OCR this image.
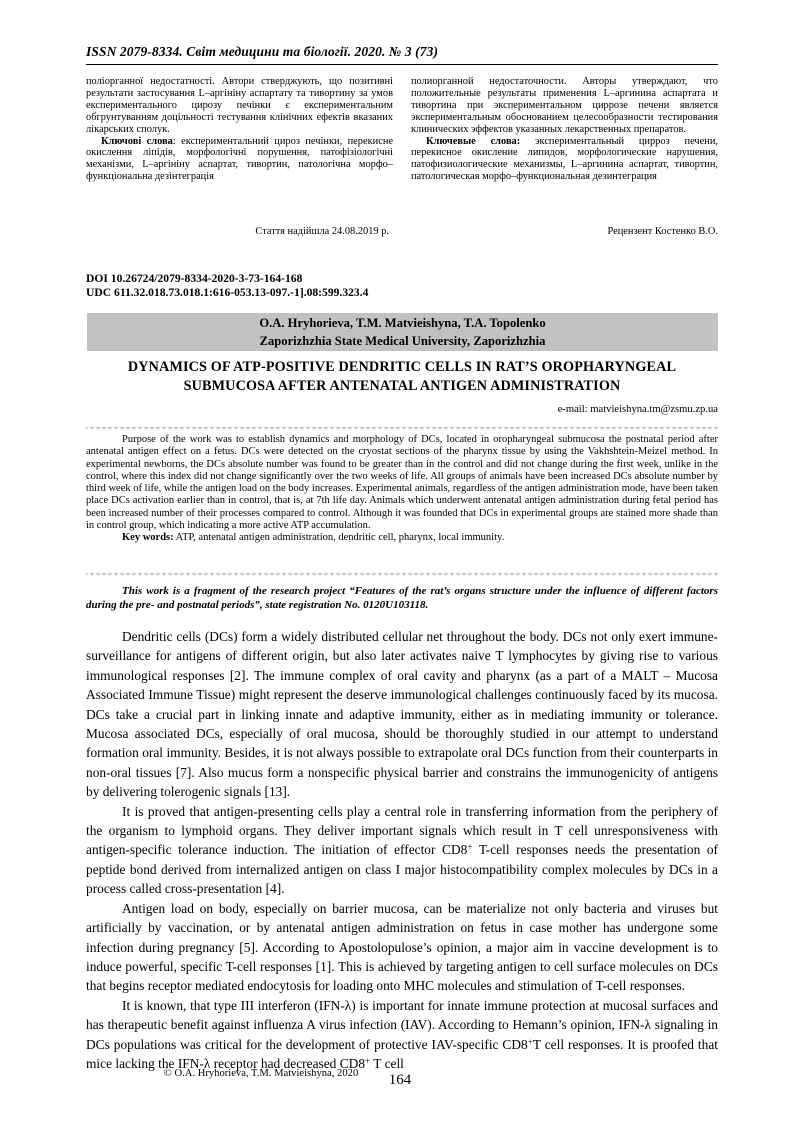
ISSN 2079-8334. Світ медицини та біології. 2020. № 3 (73)

поліорганної недостатності. Автори стверджують, що позитивні результати застосування L–аргініну аспартату та тивортину за умов експериментального цирозу печінки є експериментальним обгрунтуванням доцільності тестування клінічних ефектів вказаних лікарських сполук.

Ключові слова: експериментальний цироз печінки, перекисне окислення ліпідів, морфологічні порушення, патофізіологічні механізми, L–аргініну аспартат, тивортин, патологічна морфо–функціональна дезінтеграція

полиорганной недостаточности. Авторы утверждают, что положительные результаты применения L–аргинина аспартата и тивортина при экспериментальном циррозе печени является экспериментальным обоснованием целесообразности тестирования клинических эффектов указанных лекарственных препаратов.

Ключевые слова: экспериментальный цирроз печени, перекисное окисление липидов, морфологические нарушения, патофизиологические механизмы, L–аргинина аспартат, тивортин, патологическая морфо–функциональная дезинтеграция

Стаття надійшла 24.08.2019 р.	Рецензент Костенко В.О.
DOI 10.26724/2079-8334-2020-3-73-164-168
UDC 611.32.018.73.018.1:616-053.13-097.-1].08:599.323.4
O.A. Hryhorieva, T.M. Matvieishyna, T.A. Topolenko
Zaporizhzhia State Medical University, Zaporizhzhia
DYNAMICS OF ATP-POSITIVE DENDRITIC CELLS IN RAT’S OROPHARYNGEAL SUBMUCOSA AFTER ANTENATAL ANTIGEN ADMINISTRATION
e-mail: matvieishyna.tm@zsmu.zp.ua

Purpose of the work was to establish dynamics and morphology of DCs, located in oropharyngeal submucosa the postnatal period after antenatal antigen effect on a fetus. DCs were detected on the cryostat sections of the pharynx tissue by using the Vakhshtein-Meizel method. In experimental newborns, the DCs absolute number was found to be greater than in the control and did not change during the first week, unlike in the control, where this index did not change significantly over the two weeks of life. All groups of animals have been increased DCs absolute number by third week of life, while the antigen load on the body increases. Experimental animals, regardless of the antigen administration mode, have been taken place DCs activation earlier than in control, that is, at 7th life day. Animals which underwent antenatal antigen administration during fetal period has been increased number of their processes compared to control. Although it was founded that DCs in experimental groups are stained more shade than in control group, which indicating a more active ATP accumulation.

Key words: ATP, antenatal antigen administration, dendritic cell, pharynx, local immunity.

This work is a fragment of the research project “Features of the rat’s organs structure under the influence of different factors during the pre- and postnatal periods”, state registration No. 0120U103118.

Dendritic cells (DCs) form a widely distributed cellular net throughout the body. DCs not only exert immune-surveillance for antigens of different origin, but also later activates naive T lymphocytes by giving rise to various immunological responses [2]. The immune complex of oral cavity and pharynx (as a part of a MALT – Mucosa Associated Immune Tissue) might represent the deserve immunological challenges continuously faced by its mucosa. DCs take a crucial part in linking innate and adaptive immunity, either as in mediating immunity or tolerance. Mucosa associated DCs, especially of oral mucosa, should be thoroughly studied in our attempt to understand formation oral immunity. Besides, it is not always possible to extrapolate oral DCs function from their counterparts in non-oral tissues [7]. Also mucus form a nonspecific physical barrier and constrains the immunogenicity of antigens by delivering tolerogenic signals [13].

It is proved that antigen-presenting cells play a central role in transferring information from the periphery of the organism to lymphoid organs. They deliver important signals which result in T cell unresponsiveness with antigen-specific tolerance induction. The initiation of effector CD8+ T-cell responses needs the presentation of peptide bond derived from internalized antigen on class I major histocompatibility complex molecules by DCs in a process called cross-presentation [4].

Antigen load on body, especially on barrier mucosa, can be materialize not only bacteria and viruses but artificially by vaccination, or by antenatal antigen administration on fetus in case mother has undergone some infection during pregnancy [5]. According to Apostolopulose’s opinion, a major aim in vaccine development is to induce powerful, specific T-cell responses [1]. This is achieved by targeting antigen to cell surface molecules on DCs that begins receptor mediated endocytosis for loading onto MHC molecules and stimulation of T-cell responses.

It is known, that type III interferon (IFN-λ) is important for innate immune protection at mucosal surfaces and has therapeutic benefit against influenza A virus infection (IAV). According to Hemann’s opinion, IFN-λ signaling in DCs populations was critical for the development of protective IAV-specific CD8+T cell responses. It is proofed that mice lacking the IFN-λ receptor had decreased CD8+ T cell

© O.A. Hryhorieva, T.M. Matvieishyna, 2020	164
